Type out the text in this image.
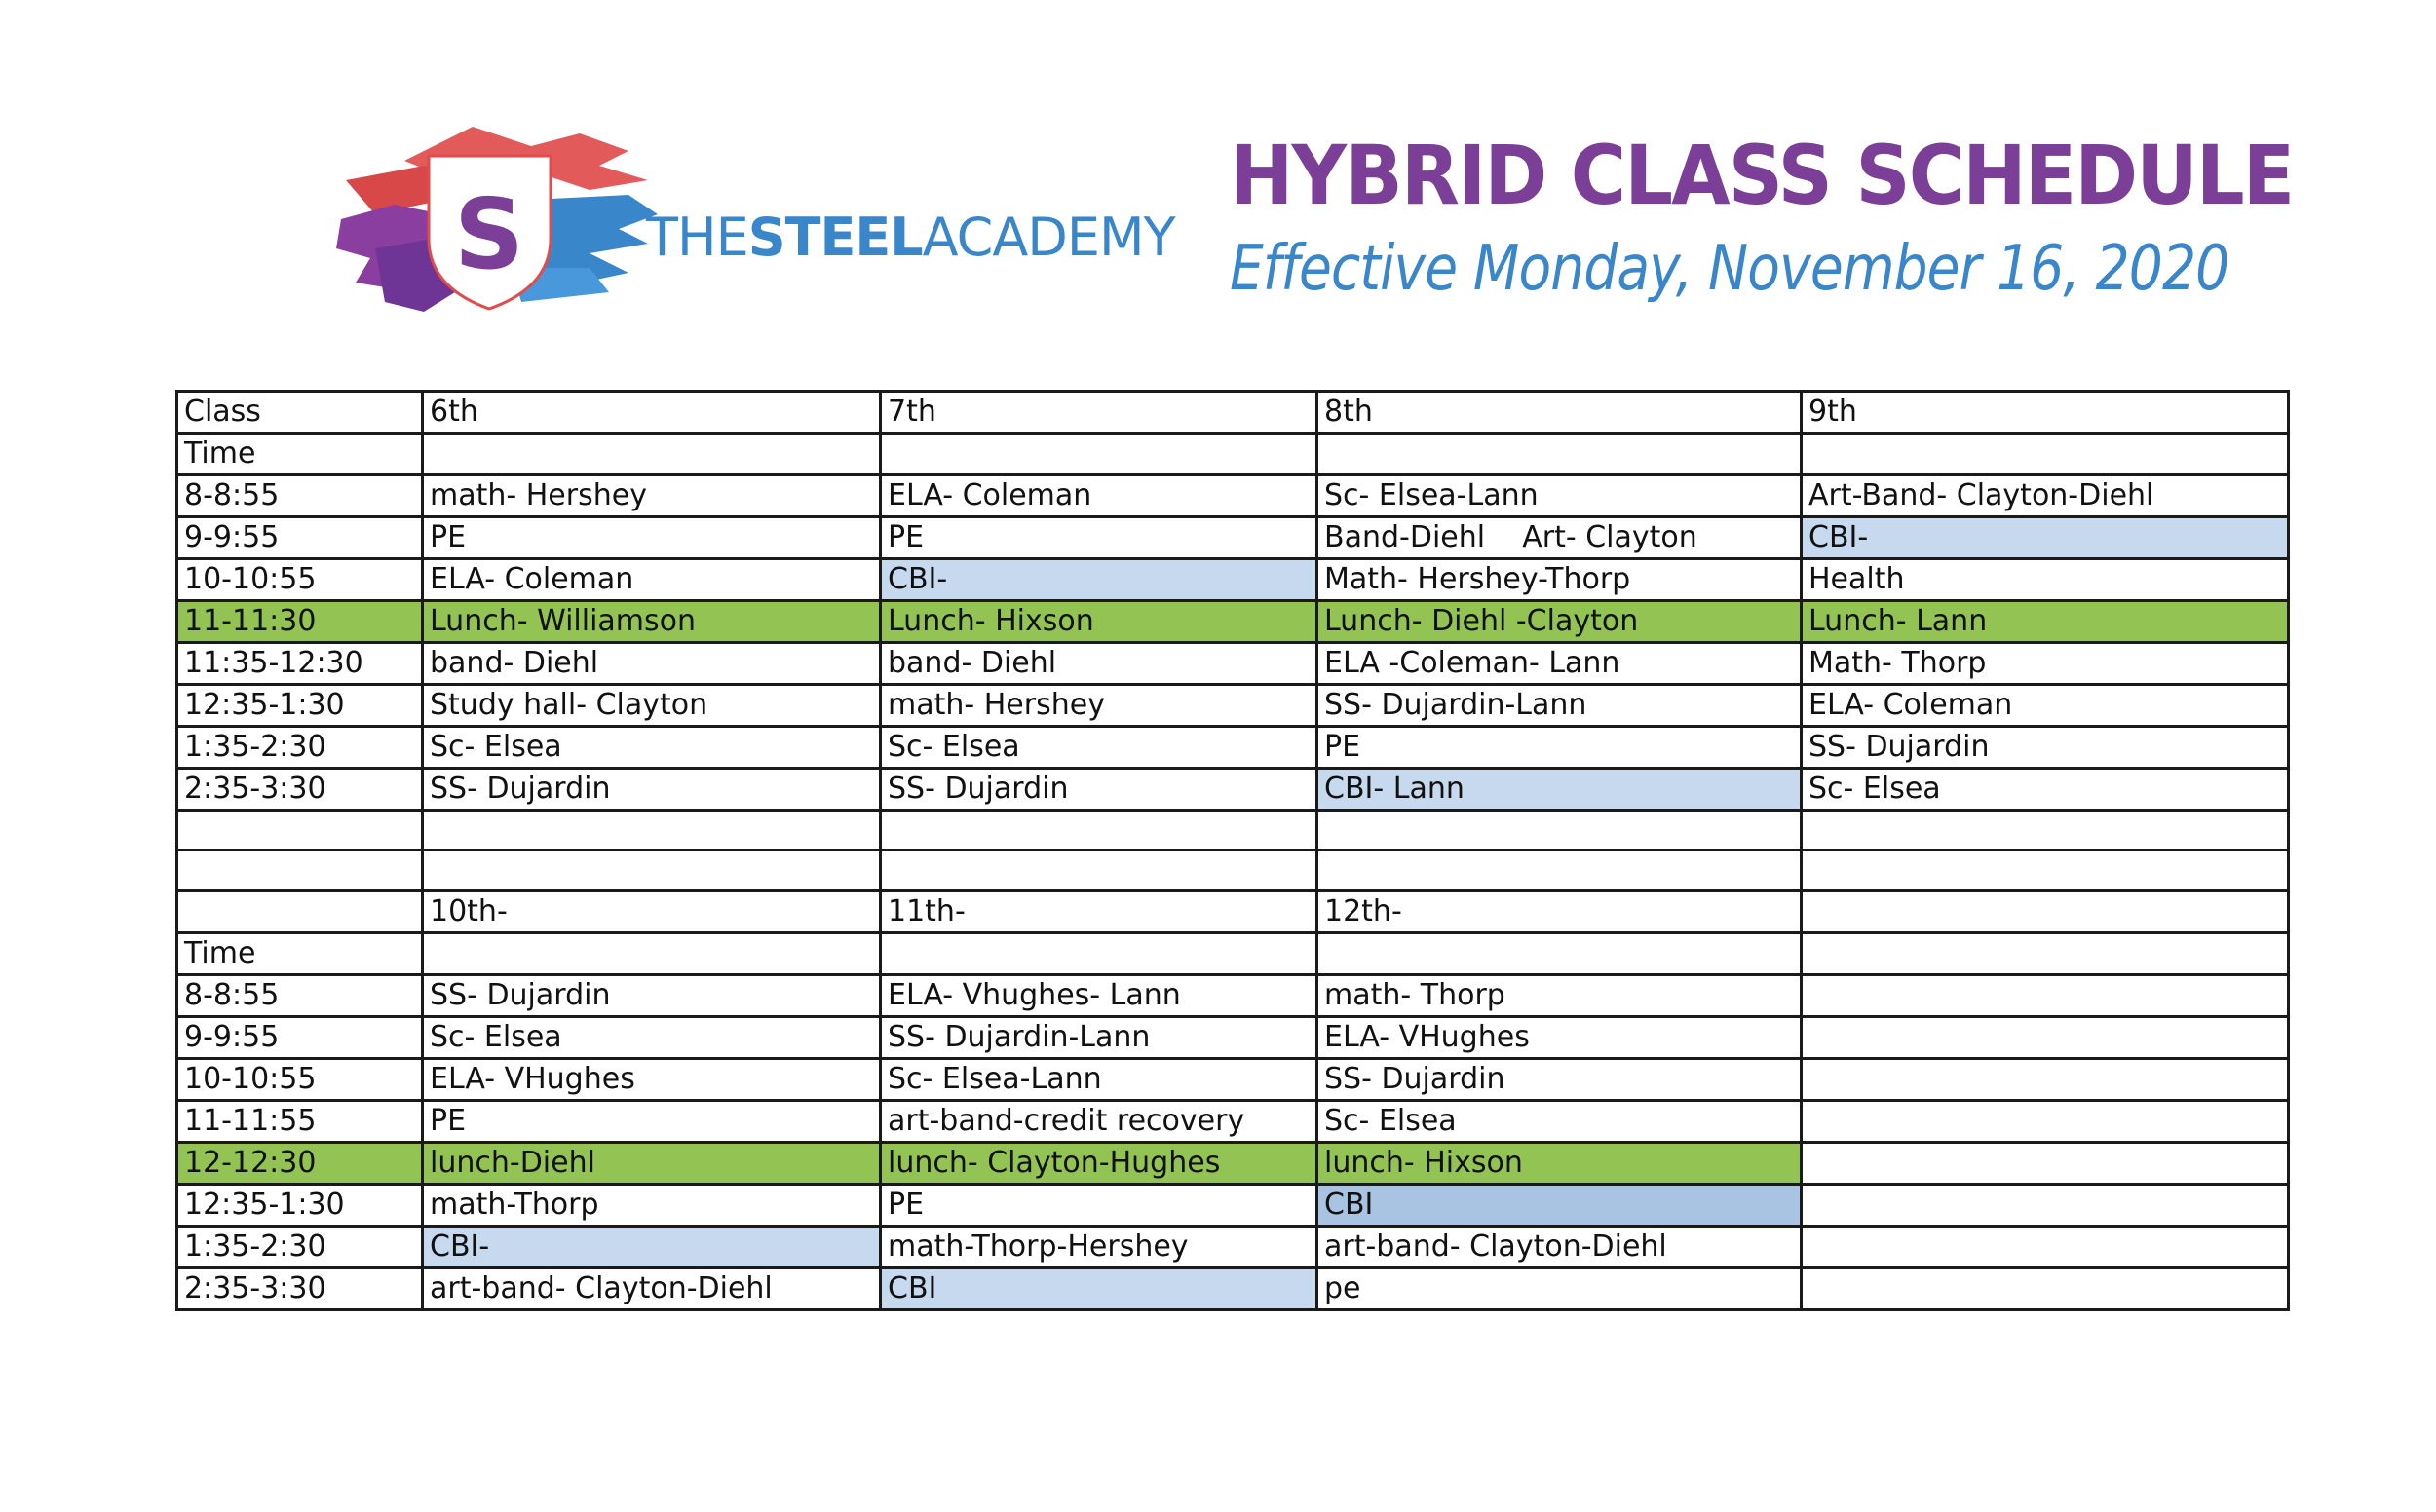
S THESTEELACADEMY
HYBRID CLASS SCHEDULE
Effective Monday, November 16, 2020
Class	6th	7th	8th	9th
Time				
8-8:55	math- Hershey	ELA- Coleman	Sc- Elsea-Lann	Art-Band- Clayton-Diehl
9-9:55	PE	PE	Band-Diehl    Art- Clayton	CBI-
10-10:55	ELA- Coleman	CBI-	Math- Hershey-Thorp	Health
11-11:30	Lunch- Williamson	Lunch- Hixson	Lunch- Diehl -Clayton	Lunch- Lann
11:35-12:30	band- Diehl	band- Diehl	ELA -Coleman- Lann	Math- Thorp
12:35-1:30	Study hall- Clayton	math- Hershey	SS- Dujardin-Lann	ELA- Coleman
1:35-2:30	Sc- Elsea	Sc- Elsea	PE	SS- Dujardin
2:35-3:30	SS- Dujardin	SS- Dujardin	CBI- Lann	Sc- Elsea

	10th-	11th-	12th-	
Time				
8-8:55	SS- Dujardin	ELA- Vhughes- Lann	math- Thorp	
9-9:55	Sc- Elsea	SS- Dujardin-Lann	ELA- VHughes	
10-10:55	ELA- VHughes	Sc- Elsea-Lann	SS- Dujardin	
11-11:55	PE	art-band-credit recovery	Sc- Elsea	
12-12:30	lunch-Diehl	lunch- Clayton-Hughes	lunch- Hixson	
12:35-1:30	math-Thorp	PE	CBI	
1:35-2:30	CBI-	math-Thorp-Hershey	art-band- Clayton-Diehl	
2:35-3:30	art-band- Clayton-Diehl	CBI	pe	
